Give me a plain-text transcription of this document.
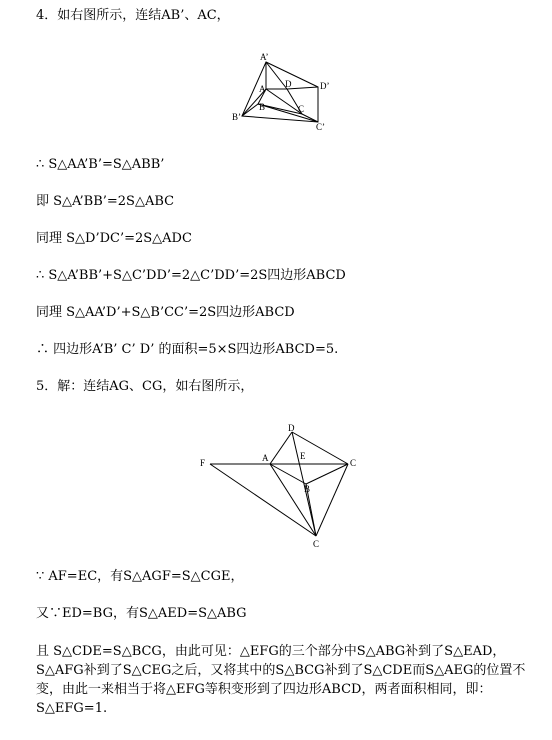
4．如右图所示，连结AB’、AC，
A’
A D	D’
B	C
B’
C’
∴ S△AA’B’=S△ABB’
即 S△A’BB’=2S△ABC
同理 S△D’DC’=2S△ADC
∴ S△A’BB’+S△C’DD’=2△C’DD’=2S四边形ABCD
同理 S△AA’D’+S△B’CC’=2S四边形ABCD
∴ 四边形A’B’ C’ D’ 的面积=5×S四边形ABCD=5.
5．解：连结AG、CG，如右图所示，
D
F	A	E
C
B
C
∵ AF=EC，有S△AGF=S△CGE，
又∵ED=BG，有S△AED=S△ABG
且 S△CDE=S△BCG，由此可见：△EFG的三个部分中S△ABG补到了S△EAD，S△AFG补到了S△CEG之后，又将其中的S△BCG补到了S△CDE而S△AEG的位置不变，由此一来相当于将△EFG等积变形到了四边形ABCD，两者面积相同，即：S△EFG=1.
